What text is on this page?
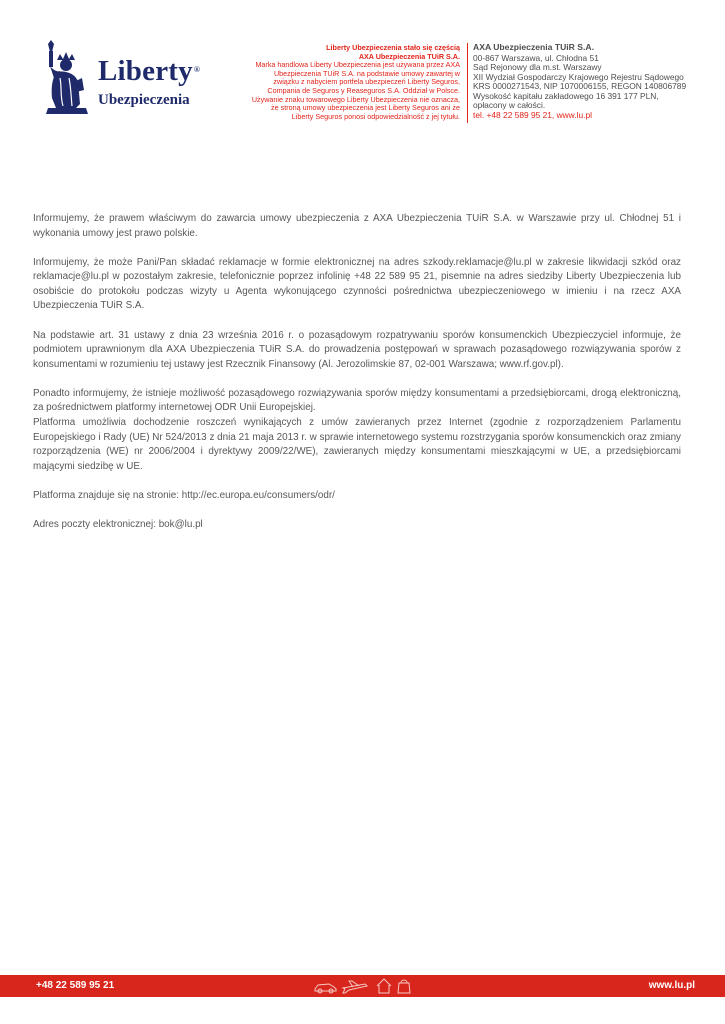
Liberty®
Ubezpieczenia
Liberty Ubezpieczenia stało się częścią
AXA Ubezpieczenia TUiR S.A.
Marka handlowa Liberty Ubezpieczenia jest używana przez AXA Ubezpieczenia TUiR S.A. na podstawie umowy zawartej w związku z nabyciem portfela ubezpieczeń Liberty Seguros, Compania de Seguros y Reaseguros S.A. Oddział w Polsce. Używanie znaku towarowego Liberty Ubezpieczenia nie oznacza, że stroną umowy ubezpieczenia jest Liberty Seguros ani że Liberty Seguros ponosi odpowiedzialność z jej tytułu.
AXA Ubezpieczenia TUiR S.A.
00-867 Warszawa, ul. Chłodna 51
Sąd Rejonowy dla m.st. Warszawy
XII Wydział Gospodarczy Krajowego Rejestru Sądowego
KRS 0000271543, NIP 1070006155, REGON 140806789
Wysokość kapitału zakładowego 16 391 177 PLN,
opłacony w całości.
tel. +48 22 589 95 21, www.lu.pl

Informujemy, że prawem właściwym do zawarcia umowy ubezpieczenia z AXA Ubezpieczenia TUiR S.A. w Warszawie przy ul. Chłodnej 51 i wykonania umowy jest prawo polskie.

Informujemy, że może Pani/Pan składać reklamacje w formie elektronicznej na adres szkody.reklamacje@lu.pl w zakresie likwidacji szkód oraz reklamacje@lu.pl w pozostałym zakresie, telefonicznie poprzez infolinię +48 22 589 95 21, pisemnie na adres siedziby Liberty Ubezpieczenia lub osobiście do protokołu podczas wizyty u Agenta wykonującego czynności pośrednictwa ubezpieczeniowego w imieniu i na rzecz AXA Ubezpieczenia TUiR S.A.

Na podstawie art. 31 ustawy z dnia 23 września 2016 r. o pozasądowym rozpatrywaniu sporów konsumenckich Ubezpieczyciel informuje, że podmiotem uprawnionym dla AXA Ubezpieczenia TUiR S.A. do prowadzenia postępowań w sprawach pozasądowego rozwiązywania sporów z konsumentami w rozumieniu tej ustawy jest Rzecznik Finansowy (Al. Jerozolimskie 87, 02-001 Warszawa; www.rf.gov.pl).

Ponadto informujemy, że istnieje możliwość pozasądowego rozwiązywania sporów między konsumentami a przedsiębiorcami, drogą elektroniczną, za pośrednictwem platformy internetowej ODR Unii Europejskiej.

Platforma umożliwia dochodzenie roszczeń wynikających z umów zawieranych przez Internet (zgodnie z rozporządzeniem Parlamentu Europejskiego i Rady (UE) Nr 524/2013 z dnia 21 maja 2013 r. w sprawie internetowego systemu rozstrzygania sporów konsumenckich oraz zmiany rozporządzenia (WE) nr 2006/2004 i dyrektywy 2009/22/WE), zawieranych między konsumentami mieszkającymi w UE, a przedsiębiorcami mającymi siedzibę w UE.

Platforma znajduje się na stronie: http://ec.europa.eu/consumers/odr/

Adres poczty elektronicznej: bok@lu.pl

+48 22 589 95 21	www.lu.pl
